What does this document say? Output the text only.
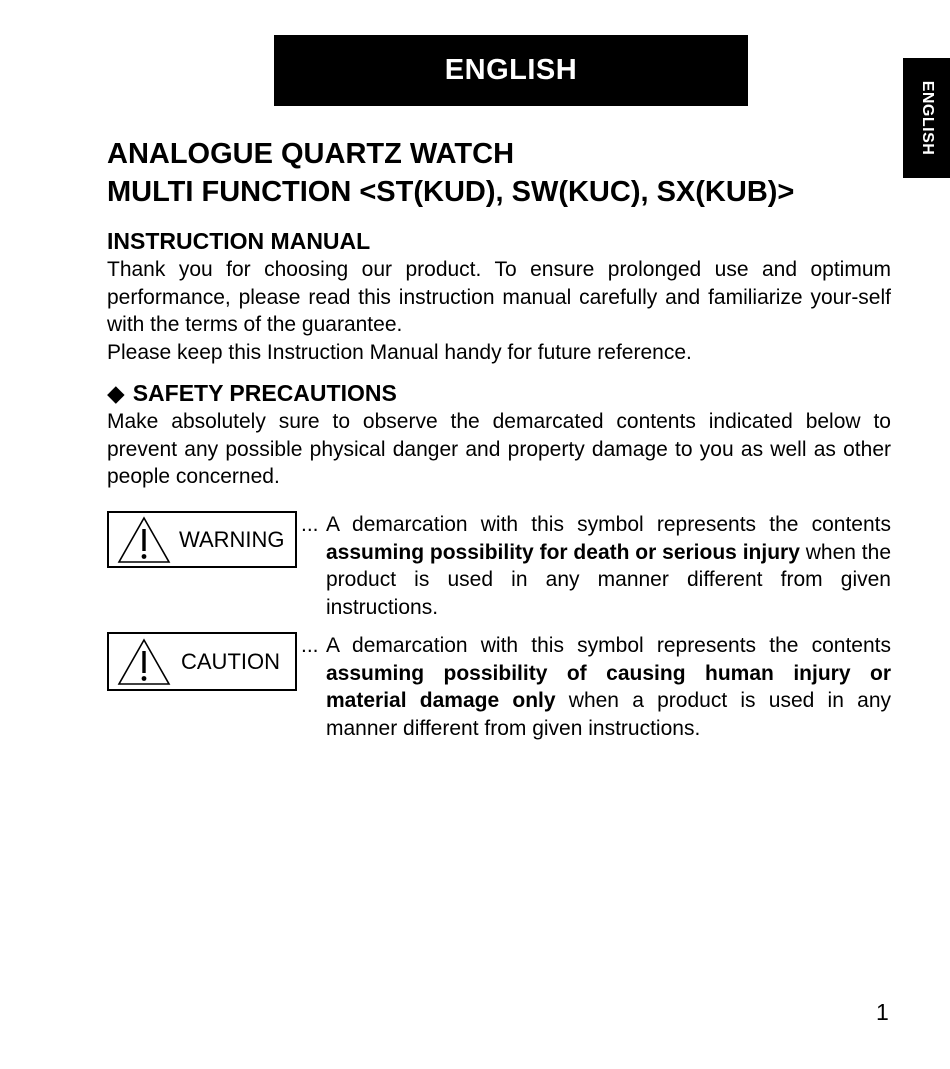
ENGLISH
ENGLISH
ANALOGUE QUARTZ WATCH
MULTI FUNCTION <ST(KUD), SW(KUC), SX(KUB)>
INSTRUCTION MANUAL

Thank you for choosing our product. To ensure prolonged use and optimum performance, please read this instruction manual carefully and familiarize your-self with the terms of the guarantee.

Please keep this Instruction Manual handy for future reference.

◆ SAFETY PRECAUTIONS

Make absolutely sure to observe the demarcated contents indicated below to prevent any possible physical danger and property damage to you as well as other people concerned.

WARNING
... A demarcation with this symbol represents the contents assuming possibility for death or serious injury when the product is used in any manner different from given instructions.
CAUTION
... A demarcation with this symbol represents the contents assuming possibility of causing human injury or material damage only when a product is used in any manner different from given instructions.
1
